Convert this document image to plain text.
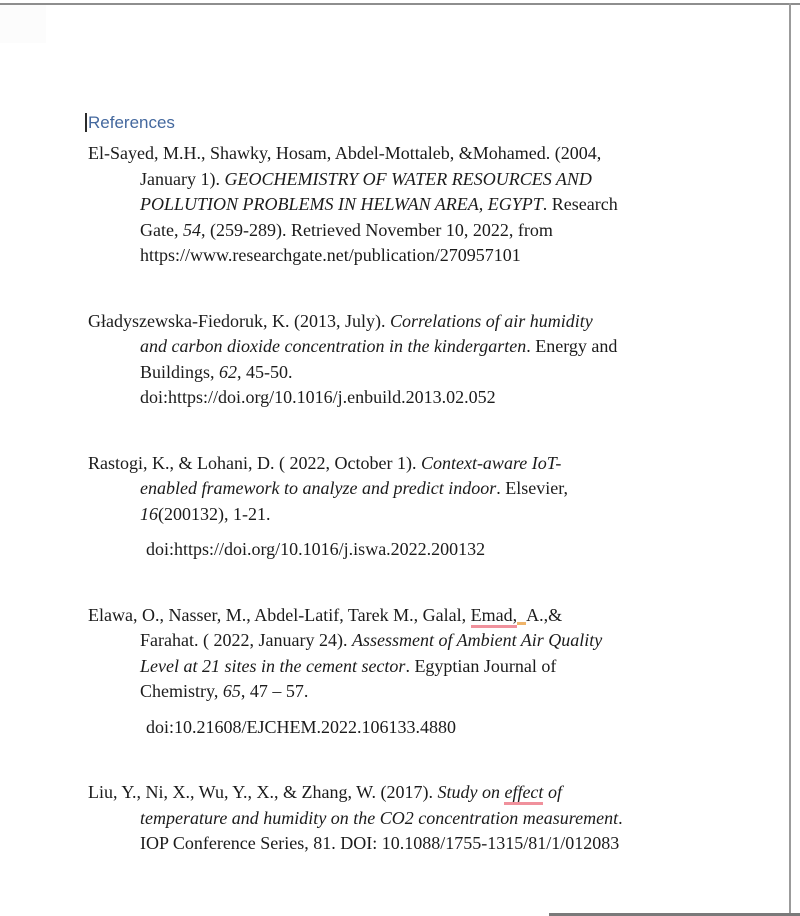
References

El-Sayed, M.H., Shawky, Hosam, Abdel-Mottaleb, &Mohamed. (2004,
January 1). GEOCHEMISTRY OF WATER RESOURCES AND
POLLUTION PROBLEMS IN HELWAN AREA, EGYPT. Research
Gate, 54, (259-289). Retrieved November 10, 2022, from
https://www.researchgate.net/publication/270957101

Gładyszewska-Fiedoruk, K. (2013, July). Correlations of air humidity
and carbon dioxide concentration in the kindergarten. Energy and
Buildings, 62, 45-50.
doi:https://doi.org/10.1016/j.enbuild.2013.02.052

Rastogi, K., & Lohani, D. ( 2022, October 1). Context-aware IoT-
enabled framework to analyze and predict indoor. Elsevier,
16(200132), 1-21.

doi:https://doi.org/10.1016/j.iswa.2022.200132

Elawa, O., Nasser, M., Abdel-Latif, Tarek M., Galal, Emad, A.,&
Farahat. ( 2022, January 24). Assessment of Ambient Air Quality
Level at 21 sites in the cement sector. Egyptian Journal of
Chemistry, 65, 47 – 57.

doi:10.21608/EJCHEM.2022.106133.4880

Liu, Y., Ni, X., Wu, Y., X., & Zhang, W. (2017). Study on effect of
temperature and humidity on the CO2 concentration measurement.
IOP Conference Series, 81. DOI: 10.1088/1755-1315/81/1/012083
